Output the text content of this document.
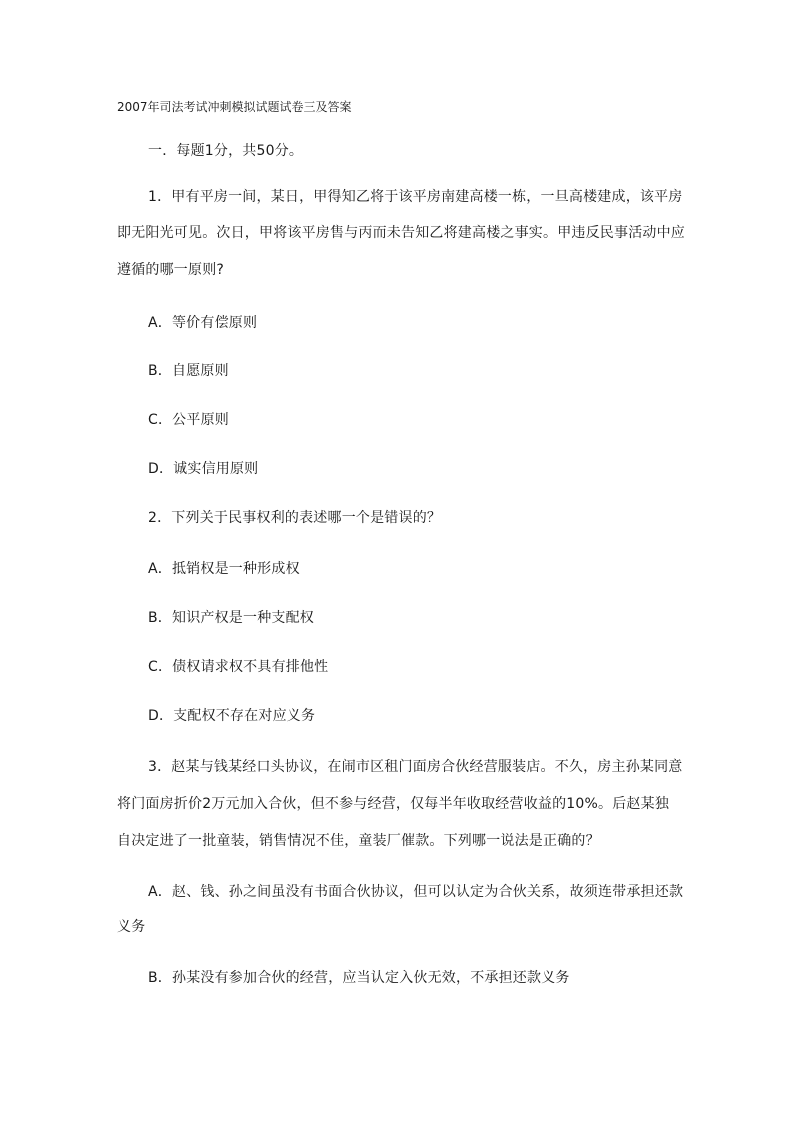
2007年司法考试冲刺模拟试题试卷三及答案
一．每题1分，共50分。
1．甲有平房一间，某日，甲得知乙将于该平房南建高楼一栋，一旦高楼建成，该平房
即无阳光可见。次日，甲将该平房售与丙而未告知乙将建高楼之事实。甲违反民事活动中应
遵循的哪一原则?
A．等价有偿原则
B．自愿原则
C．公平原则
D．诚实信用原则
2．下列关于民事权利的表述哪一个是错误的？
A．抵销权是一种形成权
B．知识产权是一种支配权
C．债权请求权不具有排他性
D．支配权不存在对应义务
3．赵某与钱某经口头协议，在闹市区租门面房合伙经营服装店。不久，房主孙某同意
将门面房折价2万元加入合伙，但不参与经营，仅每半年收取经营收益的10%。后赵某独
自决定进了一批童装，销售情况不佳，童装厂催款。下列哪一说法是正确的？
A．赵、钱、孙之间虽没有书面合伙协议，但可以认定为合伙关系，故须连带承担还款
义务
B．孙某没有参加合伙的经营，应当认定入伙无效，不承担还款义务
